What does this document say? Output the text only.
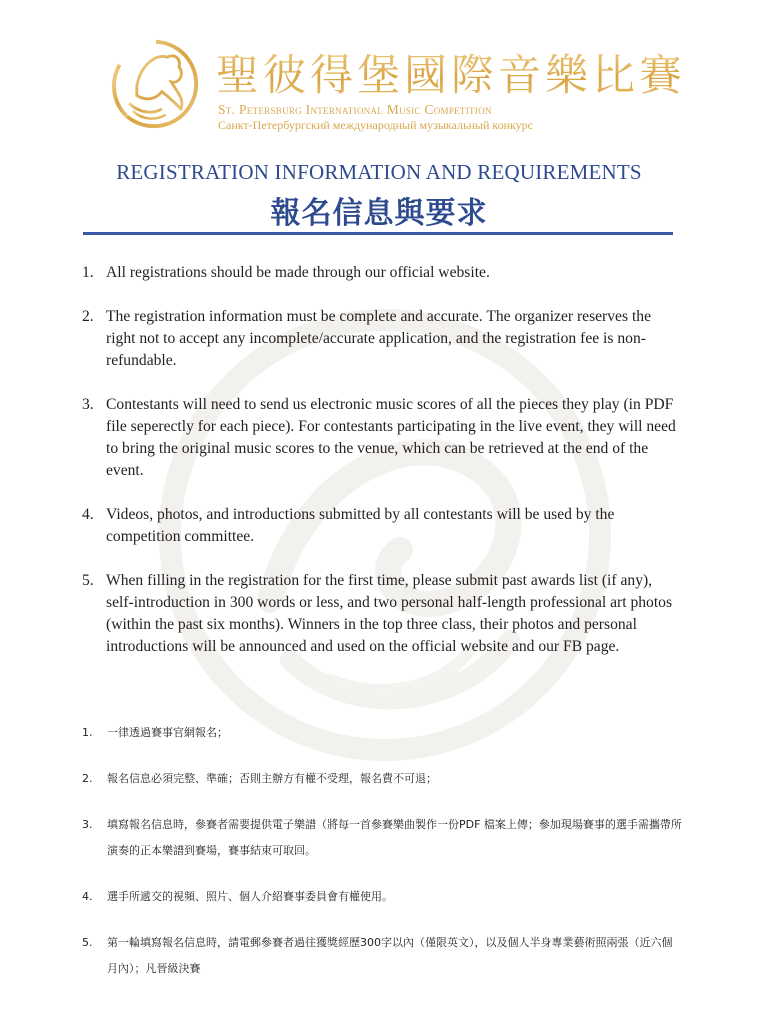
聖彼得堡國際音樂比賽
St. Petersburg International Music Competition
Санкт-Петербургский международный музыкальный конкурс
REGISTRATION INFORMATION AND REQUIREMENTS
報名信息與要求
1. All registrations should be made through our official website.
2. The registration information must be complete and accurate. The organizer reserves the right not to accept any incomplete/accurate application, and the registration fee is non-refundable.
3. Contestants will need to send us electronic music scores of all the pieces they play (in PDF file seperectly for each piece). For contestants participating in the live event, they will need to bring the original music scores to the venue, which can be retrieved at the end of the event.
4. Videos, photos, and introductions submitted by all contestants will be used by the competition committee.
5. When filling in the registration for the first time, please submit past awards list (if any), self-introduction in 300 words or less, and two personal half-length professional art photos (within the past six months). Winners in the top three class, their photos and personal introductions will be announced and used on the official website and our FB page.
1. 一律透過賽事官網報名；
2. 報名信息必須完整、準確；否則主辦方有權不受理，報名費不可退；
3. 填寫報名信息時，參賽者需要提供電子樂譜（將每一首參賽樂曲製作一份PDF 檔案上傳；參加現場賽事的選手需攜帶所演奏的正本樂譜到賽場，賽事結束可取回。
4. 選手所遞交的視頻、照片、個人介紹賽事委員會有權使用。
5. 第一輪填寫報名信息時，請電郵參賽者過往獲獎經歷300字以內（僅限英文），以及個人半身專業藝術照兩張（近六個月內）；凡晉級決賽
